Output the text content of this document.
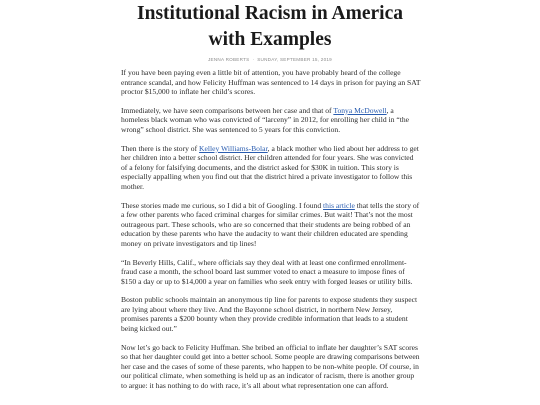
Institutional Racism in America
with Examples
JENNA ROBERTS · SUNDAY, SEPTEMBER 15, 2019

If you have been paying even a little bit of attention, you have probably heard of the college entrance scandal, and how Felicity Huffman was sentenced to 14 days in prison for paying an SAT proctor $15,000 to inflate her child’s scores.

Immediately, we have seen comparisons between her case and that of Tonya McDowell, a homeless black woman who was convicted of “larceny” in 2012, for enrolling her child in “the wrong” school district. She was sentenced to 5 years for this conviction.

Then there is the story of Kelley Williams-Bolar, a black mother who lied about her address to get her children into a better school district. Her children attended for four years. She was convicted of a felony for falsifying documents, and the district asked for $30K in tuition. This story is especially appalling when you find out that the district hired a private investigator to follow this mother.

These stories made me curious, so I did a bit of Googling. I found this article that tells the story of a few other parents who faced criminal charges for similar crimes. But wait! That’s not the most outrageous part. These schools, who are so concerned that their students are being robbed of an education by these parents who have the audacity to want their children educated are spending money on private investigators and tip lines!

“In Beverly Hills, Calif., where officials say they deal with at least one confirmed enrollment-fraud case a month, the school board last summer voted to enact a measure to impose fines of $150 a day or up to $14,000 a year on families who seek entry with forged leases or utility bills.

Boston public schools maintain an anonymous tip line for parents to expose students they suspect are lying about where they live. And the Bayonne school district, in northern New Jersey, promises parents a $200 bounty when they provide credible information that leads to a student being kicked out.”

Now let’s go back to Felicity Huffman. She bribed an official to inflate her daughter’s SAT scores so that her daughter could get into a better school. Some people are drawing comparisons between her case and the cases of some of these parents, who happen to be non-white people. Of course, in our political climate, when something is held up as an indicator of racism, there is another group to argue: it has nothing to do with race, it’s all about what representation one can afford.
